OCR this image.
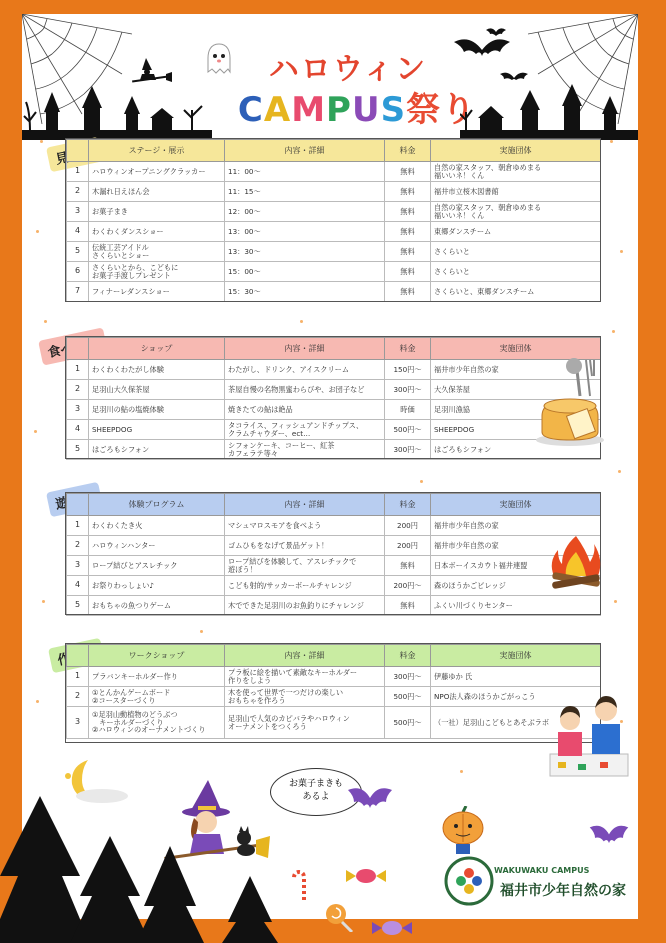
ハロウィン
CAMPUS祭り
見る！
		ステージ・展示	内容・詳細	料金	実施団体
1	ハロウィンオープニングクラッカー	11：00〜	無料	自然の家スタッフ、朝倉ゆめまる
福いいネ！くん
2	木漏れ日えほん会	11：15〜	無料	福井市立桜木図書館
3	お菓子まき	12：00〜	無料	自然の家スタッフ、朝倉ゆめまる
福いいネ！くん
4	わくわくダンスショー	13：00〜	無料	東郷ダンスチーム
5	伝統工芸アイドル
さくらいとショー	13：30〜	無料	さくらいと
6	さくらいとから、こどもに
お菓子手渡しプレゼント	15：00〜	無料	さくらいと
7	フィナーレダンスショー	15：30〜	無料	さくらいと、東郷ダンスチーム
食べる！
		ショップ	内容・詳細	料金	実施団体
1	わくわくわたがし体験	わたがし、ドリンク、アイスクリーム	150円〜	福井市少年自然の家
2	足羽山大久保茶屋	茶屋自慢の名物黒蜜わらびや、お団子など	300円〜	大久保茶屋
3	足羽川の鮎の塩焼体験	焼きたての鮎は絶品	時価	足羽川漁協
4	SHEEPDOG	タコライス、フィッシュアンドチップス、
クラムチャウダー、ect…	500円〜	SHEEPDOG
5	はごろもシフォン	シフォンケーキ、コーヒー、紅茶
カフェラテ等々	300円〜	はごろもシフォン
遊ぶ！
		体験プログラム	内容・詳細	料金	実施団体
1	わくわくたき火	マシュマロスモアを食べよう	200円	福井市少年自然の家
2	ハロウィンハンター	ゴムひもをなげて景品ゲット！	200円	福井市少年自然の家
3	ロープ結びとアスレチック	ロープ結びを体験して、アスレチックで
遊ぼう！	無料	日本ボーイスカウト福井連盟
4	お祭りわっしょい♪	こども射的/サッカーボールチャレンジ	200円〜	森のほうかごビレッジ
5	おもちゃの魚つりゲーム	木でできた足羽川のお魚釣りにチャレンジ	無料	ふくい川づくりセンター
作る！
		ワークショップ	内容・詳細	料金	実施団体
1	プラバンキーホルダー作り	プラ板に絵を描いて素敵なキーホルダー
作りをしよう	300円〜	伊藤ゆか 氏
2	①とんかんゲームボード
②コースターづくり	木を使って世界で一つだけの楽しい
おもちゃを作ろう	500円〜	NPO法人森のほうかごがっこう
3	①足羽山動植物のどうぶつ
　キーホルダーづくり
②ハロウィンのオーナメントづくり	足羽山で人気のカピバラやハロウィン
オーナメントをつくろう	500円〜	（一社）足羽山こどもとあそぶラボ
お菓子まきも
あるよ
WAKUWAKU CAMPUS
福井市少年自然の家
